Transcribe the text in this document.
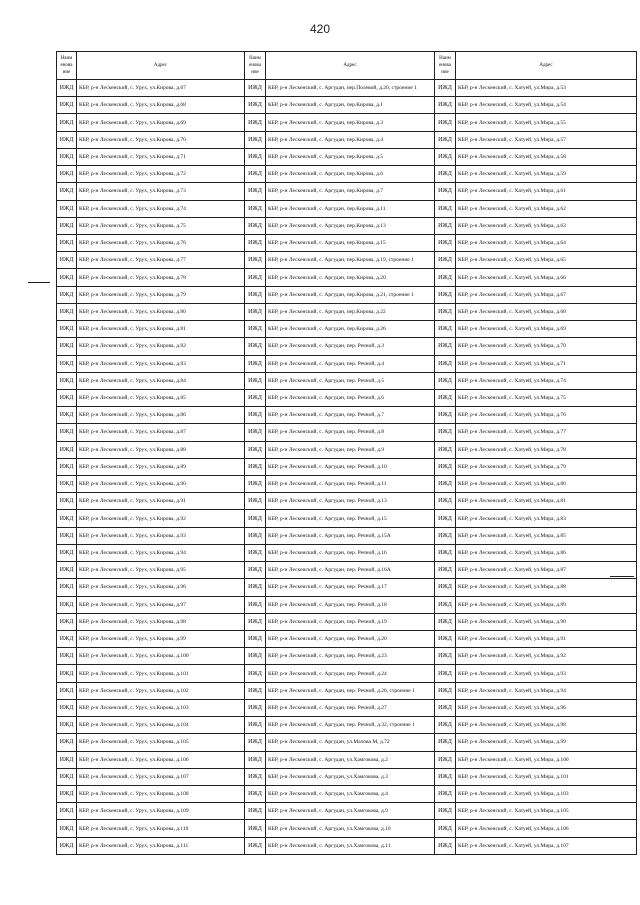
420
Наим
енова
ние	Адрес	Наим
енова
ние	Адрес	Наим
енова
ние	Адрес

ИЖД	КБР, р-н Лескенский, с. Урух, ул.Кирова, д.67	ИЖД	КБР, р-н Лескенский, с. Аргудан, пер.Полевой, д.20, строение 1	ИЖД	КБР, р-н Лескенский, с. Хатуей, ул.Мира, д.53
ИЖД	КБР, р-н Лескенский, с. Урух, ул.Кирова, д.68	ИЖД	КБР, р-н Лескенский, с. Аргудан, пер.Кирова, д.1	ИЖД	КБР, р-н Лескенский, с. Хатуей, ул.Мира, д.54
ИЖД	КБР, р-н Лескенский, с. Урух, ул.Кирова, д.69	ИЖД	КБР, р-н Лескенский, с. Аргудан, пер.Кирова, д.3	ИЖД	КБР, р-н Лескенский, с. Хатуей, ул.Мира, д.55
ИЖД	КБР, р-н Лескенский, с. Урух, ул.Кирова, д.70	ИЖД	КБР, р-н Лескенский, с. Аргудан, пер.Кирова, д.4	ИЖД	КБР, р-н Лескенский, с. Хатуей, ул.Мира, д.57
ИЖД	КБР, р-н Лескенский, с. Урух, ул.Кирова, д.71	ИЖД	КБР, р-н Лескенский, с. Аргудан, пер.Кирова, д.5	ИЖД	КБР, р-н Лескенский, с. Хатуей, ул.Мира, д.58
ИЖД	КБР, р-н Лескенский, с. Урух, ул.Кирова, д.72	ИЖД	КБР, р-н Лескенский, с. Аргудан, пер.Кирова, д.6	ИЖД	КБР, р-н Лескенский, с. Хатуей, ул.Мира, д.59
ИЖД	КБР, р-н Лескенский, с. Урух, ул.Кирова, д.73	ИЖД	КБР, р-н Лескенский, с. Аргудан, пер.Кирова, д.7	ИЖД	КБР, р-н Лескенский, с. Хатуей, ул.Мира, д.61
ИЖД	КБР, р-н Лескенский, с. Урух, ул.Кирова, д.74	ИЖД	КБР, р-н Лескенский, с. Аргудан, пер.Кирова, д.11	ИЖД	КБР, р-н Лескенский, с. Хатуей, ул.Мира, д.62
ИЖД	КБР, р-н Лескенский, с. Урух, ул.Кирова, д.75	ИЖД	КБР, р-н Лескенский, с. Аргудан, пер.Кирова, д.13	ИЖД	КБР, р-н Лескенский, с. Хатуей, ул.Мира, д.63
ИЖД	КБР, р-н Лескенский, с. Урух, ул.Кирова, д.76	ИЖД	КБР, р-н Лескенский, с. Аргудан, пер.Кирова, д.15	ИЖД	КБР, р-н Лескенский, с. Хатуей, ул.Мира, д.64
ИЖД	КБР, р-н Лескенский, с. Урух, ул.Кирова, д.77	ИЖД	КБР, р-н Лескенский, с. Аргудан, пер.Кирова, д.19, строение 1	ИЖД	КБР, р-н Лескенский, с. Хатуей, ул.Мира, д.65
ИЖД	КБР, р-н Лескенский, с. Урух, ул.Кирова, д.78	ИЖД	КБР, р-н Лескенский, с. Аргудан, пер.Кирова, д.20	ИЖД	КБР, р-н Лескенский, с. Хатуей, ул.Мира, д.66
ИЖД	КБР, р-н Лескенский, с. Урух, ул.Кирова, д.79	ИЖД	КБР, р-н Лескенский, с. Аргудан, пер.Кирова, д.21, строение 1	ИЖД	КБР, р-н Лескенский, с. Хатуей, ул.Мира, д.67
ИЖД	КБР, р-н Лескенский, с. Урух, ул.Кирова, д.80	ИЖД	КБР, р-н Лескенский, с. Аргудан, пер.Кирова, д.22	ИЖД	КБР, р-н Лескенский, с. Хатуей, ул.Мира, д.68
ИЖД	КБР, р-н Лескенский, с. Урух, ул.Кирова, д.81	ИЖД	КБР, р-н Лескенский, с. Аргудан, пер.Кирова, д.26	ИЖД	КБР, р-н Лескенский, с. Хатуей, ул.Мира, д.69
ИЖД	КБР, р-н Лескенский, с. Урух, ул.Кирова, д.82	ИЖД	КБР, р-н Лескенский, с. Аргудан, пер. Речной, д.3	ИЖД	КБР, р-н Лескенский, с. Хатуей, ул.Мира, д.70
ИЖД	КБР, р-н Лескенский, с. Урух, ул.Кирова, д.83	ИЖД	КБР, р-н Лескенский, с. Аргудан, пер. Речной, д.4	ИЖД	КБР, р-н Лескенский, с. Хатуей, ул.Мира, д.71
ИЖД	КБР, р-н Лескенский, с. Урух, ул.Кирова, д.84	ИЖД	КБР, р-н Лескенский, с. Аргудан, пер. Речной, д.5	ИЖД	КБР, р-н Лескенский, с. Хатуей, ул.Мира, д.74
ИЖД	КБР, р-н Лескенский, с. Урух, ул.Кирова, д.85	ИЖД	КБР, р-н Лескенский, с. Аргудан, пер. Речной, д.6	ИЖД	КБР, р-н Лескенский, с. Хатуей, ул.Мира, д.75
ИЖД	КБР, р-н Лескенский, с. Урух, ул.Кирова, д.86	ИЖД	КБР, р-н Лескенский, с. Аргудан, пер. Речной, д.7	ИЖД	КБР, р-н Лескенский, с. Хатуей, ул.Мира, д.76
ИЖД	КБР, р-н Лескенский, с. Урух, ул.Кирова, д.87	ИЖД	КБР, р-н Лескенский, с. Аргудан, пер. Речной, д.8	ИЖД	КБР, р-н Лескенский, с. Хатуей, ул.Мира, д.77
ИЖД	КБР, р-н Лескенский, с. Урух, ул.Кирова, д.88	ИЖД	КБР, р-н Лескенский, с. Аргудан, пер. Речной, д.9	ИЖД	КБР, р-н Лескенский, с. Хатуей, ул.Мира, д.78
ИЖД	КБР, р-н Лескенский, с. Урух, ул.Кирова, д.89	ИЖД	КБР, р-н Лескенский, с. Аргудан, пер. Речной, д.10	ИЖД	КБР, р-н Лескенский, с. Хатуей, ул.Мира, д.79
ИЖД	КБР, р-н Лескенский, с. Урух, ул.Кирова, д.90	ИЖД	КБР, р-н Лескенский, с. Аргудан, пер. Речной, д.11	ИЖД	КБР, р-н Лескенский, с. Хатуей, ул.Мира, д.80
ИЖД	КБР, р-н Лескенский, с. Урух, ул.Кирова, д.91	ИЖД	КБР, р-н Лескенский, с. Аргудан, пер. Речной, д.13	ИЖД	КБР, р-н Лескенский, с. Хатуей, ул.Мира, д.81
ИЖД	КБР, р-н Лескенский, с. Урух, ул.Кирова, д.92	ИЖД	КБР, р-н Лескенский, с. Аргудан, пер. Речной, д.15	ИЖД	КБР, р-н Лескенский, с. Хатуей, ул.Мира, д.83
ИЖД	КБР, р-н Лескенский, с. Урух, ул.Кирова, д.93	ИЖД	КБР, р-н Лескенский, с. Аргудан, пер. Речной, д.15А	ИЖД	КБР, р-н Лескенский, с. Хатуей, ул.Мира, д.85
ИЖД	КБР, р-н Лескенский, с. Урух, ул.Кирова, д.94	ИЖД	КБР, р-н Лескенский, с. Аргудан, пер. Речной, д.16	ИЖД	КБР, р-н Лескенский, с. Хатуей, ул.Мира, д.86
ИЖД	КБР, р-н Лескенский, с. Урух, ул.Кирова, д.95	ИЖД	КБР, р-н Лескенский, с. Аргудан, пер. Речной, д.16А	ИЖД	КБР, р-н Лескенский, с. Хатуей, ул.Мира, д.87
ИЖД	КБР, р-н Лескенский, с. Урух, ул.Кирова, д.96	ИЖД	КБР, р-н Лескенский, с. Аргудан, пер. Речной, д.17	ИЖД	КБР, р-н Лескенский, с. Хатуей, ул.Мира, д.88
ИЖД	КБР, р-н Лескенский, с. Урух, ул.Кирова, д.97	ИЖД	КБР, р-н Лескенский, с. Аргудан, пер. Речной, д.18	ИЖД	КБР, р-н Лескенский, с. Хатуей, ул.Мира, д.89
ИЖД	КБР, р-н Лескенский, с. Урух, ул.Кирова, д.98	ИЖД	КБР, р-н Лескенский, с. Аргудан, пер. Речной, д.19	ИЖД	КБР, р-н Лескенский, с. Хатуей, ул.Мира, д.90
ИЖД	КБР, р-н Лескенский, с. Урух, ул.Кирова, д.99	ИЖД	КБР, р-н Лескенский, с. Аргудан, пер. Речной, д.20	ИЖД	КБР, р-н Лескенский, с. Хатуей, ул.Мира, д.91
ИЖД	КБР, р-н Лескенский, с. Урух, ул.Кирова, д.100	ИЖД	КБР, р-н Лескенский, с. Аргудан, пер. Речной, д.23	ИЖД	КБР, р-н Лескенский, с. Хатуей, ул.Мира, д.92
ИЖД	КБР, р-н Лескенский, с. Урух, ул.Кирова, д.101	ИЖД	КБР, р-н Лескенский, с. Аргудан, пер. Речной, д.24	ИЖД	КБР, р-н Лескенский, с. Хатуей, ул.Мира, д.93
ИЖД	КБР, р-н Лескенский, с. Урух, ул.Кирова, д.102	ИЖД	КБР, р-н Лескенский, с. Аргудан, пер. Речной, д.26, строение 1	ИЖД	КБР, р-н Лескенский, с. Хатуей, ул.Мира, д.94
ИЖД	КБР, р-н Лескенский, с. Урух, ул.Кирова, д.103	ИЖД	КБР, р-н Лескенский, с. Аргудан, пер. Речной, д.27	ИЖД	КБР, р-н Лескенский, с. Хатуей, ул.Мира, д.96
ИЖД	КБР, р-н Лескенский, с. Урух, ул.Кирова, д.104	ИЖД	КБР, р-н Лескенский, с. Аргудан, пер. Речной, д.32, строение 1	ИЖД	КБР, р-н Лескенский, с. Хатуей, ул.Мира, д.98
ИЖД	КБР, р-н Лескенский, с. Урух, ул.Кирова, д.105	ИЖД	КБР, р-н Лескенский, с. Аргудан, ул.Махова М, д.72	ИЖД	КБР, р-н Лескенский, с. Хатуей, ул.Мира, д.99
ИЖД	КБР, р-н Лескенский, с. Урух, ул.Кирова, д.106	ИЖД	КБР, р-н Лескенский, с. Аргудан, ул.Хамгокова, д.2	ИЖД	КБР, р-н Лескенский, с. Хатуей, ул.Мира, д.100
ИЖД	КБР, р-н Лескенский, с. Урух, ул.Кирова, д.107	ИЖД	КБР, р-н Лескенский, с. Аргудан, ул.Хамгокова, д.3	ИЖД	КБР, р-н Лескенский, с. Хатуей, ул.Мира, д.101
ИЖД	КБР, р-н Лескенский, с. Урух, ул.Кирова, д.108	ИЖД	КБР, р-н Лескенский, с. Аргудан, ул.Хамгокова, д.4	ИЖД	КБР, р-н Лескенский, с. Хатуей, ул.Мира, д.103
ИЖД	КБР, р-н Лескенский, с. Урух, ул.Кирова, д.109	ИЖД	КБР, р-н Лескенский, с. Аргудан, ул.Хамгокова, д.9	ИЖД	КБР, р-н Лескенский, с. Хатуей, ул.Мира, д.105
ИЖД	КБР, р-н Лескенский, с. Урух, ул.Кирова, д.110	ИЖД	КБР, р-н Лескенский, с. Аргудан, ул.Хамгокова, д.10	ИЖД	КБР, р-н Лескенский, с. Хатуей, ул.Мира, д.106
ИЖД	КБР, р-н Лескенский, с. Урух, ул.Кирова, д.111	ИЖД	КБР, р-н Лескенский, с. Аргудан, ул.Хамгокова, д.11	ИЖД	КБР, р-н Лескенский, с. Хатуей, ул.Мира, д.107
